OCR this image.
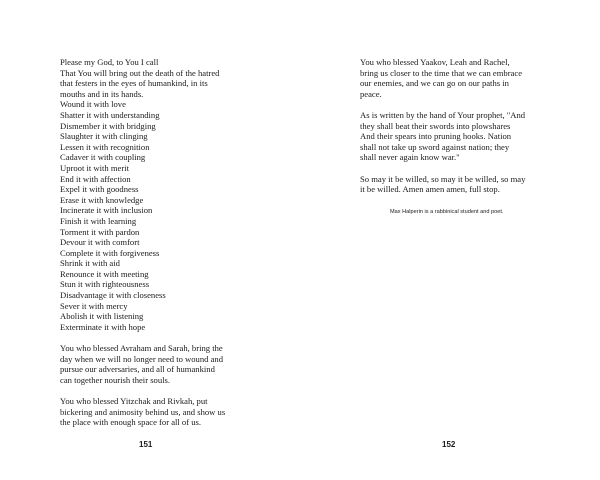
Please my God, to You I call
That You will bring out the death of the hatred
that festers in the eyes of humankind, in its
mouths and in its hands.
Wound it with love
Shatter it with understanding
Dismember it with bridging
Slaughter it with clinging
Lessen it with recognition
Cadaver it with coupling
Uproot it with merit
End it with affection
Expel it with goodness
Erase it with knowledge
Incinerate it with inclusion
Finish it with learning
Torment it with pardon
Devour it with comfort
Complete it with forgiveness
Shrink it with aid
Renounce it with meeting
Stun it with righteousness
Disadvantage it with closeness
Sever it with mercy
Abolish it with listening
Exterminate it with hope
You who blessed Avraham and Sarah, bring the
day when we will no longer need to wound and
pursue our adversaries, and all of humankind
can together nourish their souls.
You who blessed Yitzchak and Rivkah, put
bickering and animosity behind us, and show us
the place with enough space for all of us.
151
You who blessed Yaakov, Leah and Rachel,
bring us closer to the time that we can embrace
our enemies, and we can go on our paths in
peace.
As is written by the hand of Your prophet, "And
they shall beat their swords into plowshares
And their spears into pruning hooks. Nation
shall not take up sword against nation; they
shall never again know war."
So may it be willed, so may it be willed, so may
it be willed. Amen amen amen, full stop.
Max Halperin is a rabbinical student and poet.
152
